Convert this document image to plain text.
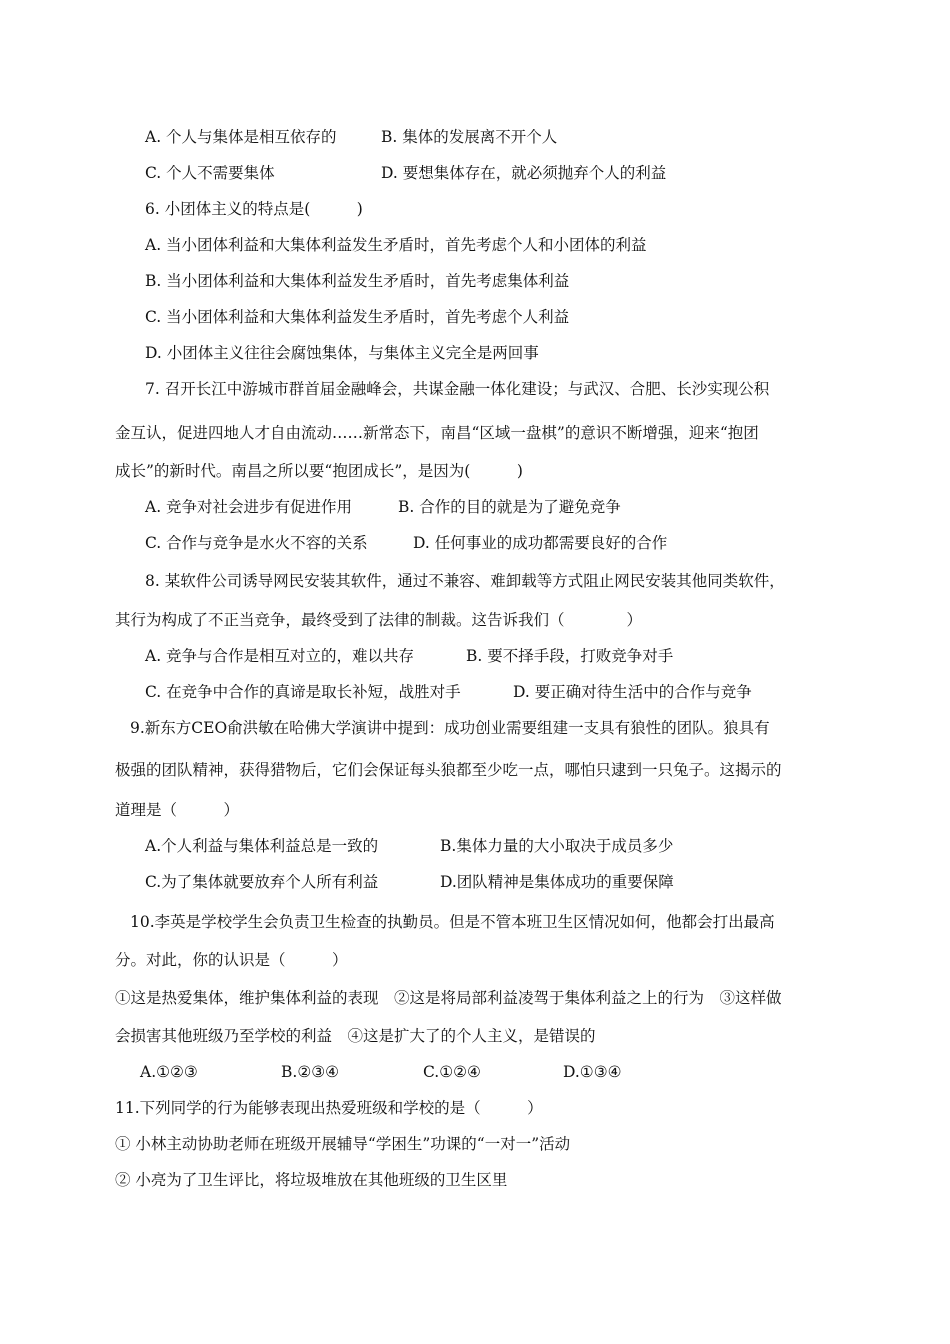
A. 个人与集体是相互依存的	B. 集体的发展离不开个人
C. 个人不需要集体	D. 要想集体存在，就必须抛弃个人的利益
6. 小团体主义的特点是(　　　)
A. 当小团体利益和大集体利益发生矛盾时，首先考虑个人和小团体的利益
B. 当小团体利益和大集体利益发生矛盾时，首先考虑集体利益
C. 当小团体利益和大集体利益发生矛盾时，首先考虑个人利益
D. 小团体主义往往会腐蚀集体，与集体主义完全是两回事
7. 召开长江中游城市群首届金融峰会，共谋金融一体化建设；与武汉、合肥、长沙实现公积
金互认，促进四地人才自由流动……新常态下，南昌“区域一盘棋”的意识不断增强，迎来“抱团
成长”的新时代。南昌之所以要“抱团成长”，是因为(　　　)
A. 竞争对社会进步有促进作用	B. 合作的目的就是为了避免竞争
C. 合作与竞争是水火不容的关系	D. 任何事业的成功都需要良好的合作
8. 某软件公司诱导网民安装其软件，通过不兼容、难卸载等方式阻止网民安装其他同类软件，
其行为构成了不正当竞争，最终受到了法律的制裁。这告诉我们（　　　　）
A. 竞争与合作是相互对立的，难以共存	B. 要不择手段，打败竞争对手
C. 在竞争中合作的真谛是取长补短，战胜对手	D. 要正确对待生活中的合作与竞争
9.新东方CEO俞洪敏在哈佛大学演讲中提到：成功创业需要组建一支具有狼性的团队。狼具有
极强的团队精神，获得猎物后，它们会保证每头狼都至少吃一点，哪怕只逮到一只兔子。这揭示的
道理是（　　　）
A.个人利益与集体利益总是一致的	B.集体力量的大小取决于成员多少
C.为了集体就要放弃个人所有利益	D.团队精神是集体成功的重要保障
10.李英是学校学生会负责卫生检查的执勤员。但是不管本班卫生区情况如何，他都会打出最高
分。对此，你的认识是（　　　）
①这是热爱集体，维护集体利益的表现　②这是将局部利益凌驾于集体利益之上的行为　③这样做
会损害其他班级乃至学校的利益　④这是扩大了的个人主义，是错误的
A.①②③	B.②③④	C.①②④	D.①③④
11.下列同学的行为能够表现出热爱班级和学校的是（　　　）
① 小林主动协助老师在班级开展辅导“学困生”功课的“一对一”活动
② 小亮为了卫生评比，将垃圾堆放在其他班级的卫生区里
